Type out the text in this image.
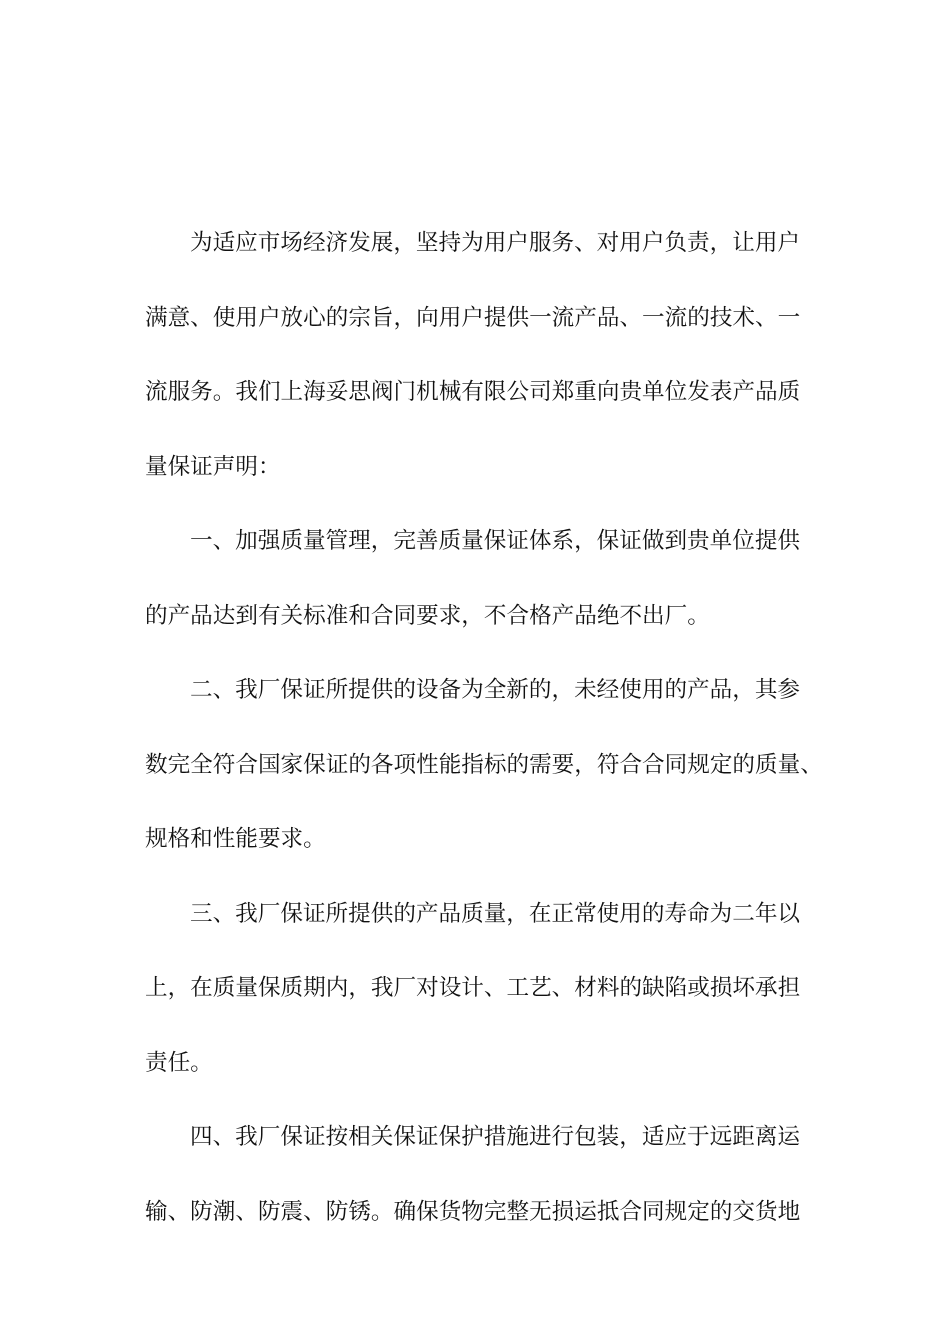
为适应市场经济发展，坚持为用户服务、对用户负责，让用户
满意、使用户放心的宗旨，向用户提供一流产品、一流的技术、一
流服务。我们上海妥思阀门机械有限公司郑重向贵单位发表产品质
量保证声明：
一、加强质量管理，完善质量保证体系，保证做到贵单位提供
的产品达到有关标准和合同要求，不合格产品绝不出厂。
二、我厂保证所提供的设备为全新的，未经使用的产品，其参
数完全符合国家保证的各项性能指标的需要，符合合同规定的质量、
规格和性能要求。
三、我厂保证所提供的产品质量，在正常使用的寿命为二年以
上，在质量保质期内，我厂对设计、工艺、材料的缺陷或损坏承担
责任。
四、我厂保证按相关保证保护措施进行包装，适应于远距离运
输、防潮、防震、防锈。确保货物完整无损运抵合同规定的交货地
